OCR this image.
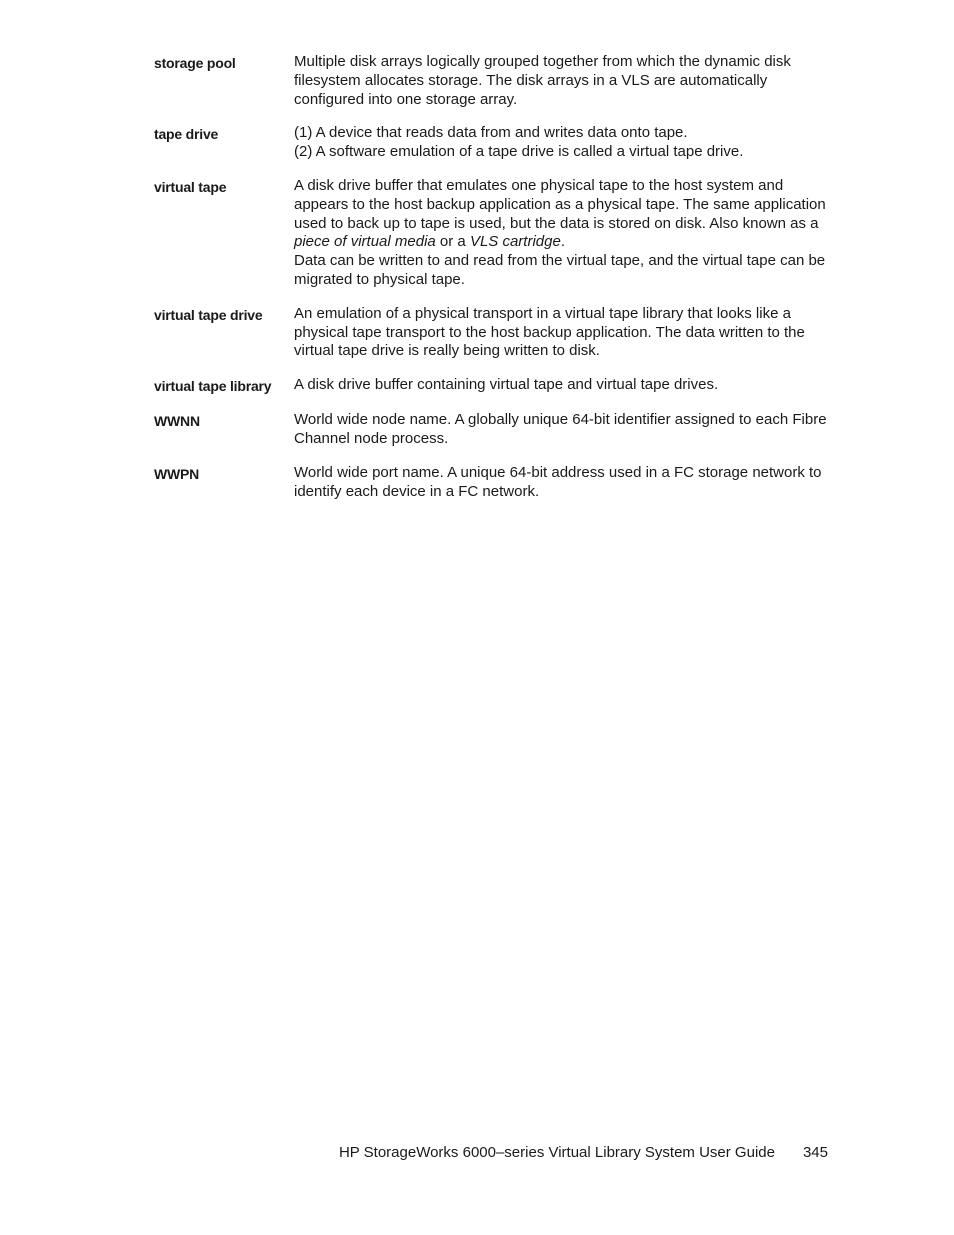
storage pool	Multiple disk arrays logically grouped together from which the dynamic disk filesystem allocates storage. The disk arrays in a VLS are automatically configured into one storage array.

tape drive	(1) A device that reads data from and writes data onto tape.

(2) A software emulation of a tape drive is called a virtual tape drive.

virtual tape	A disk drive buffer that emulates one physical tape to the host system and appears to the host backup application as a physical tape. The same application used to back up to tape is used, but the data is stored on disk. Also known as a piece of virtual media or a VLS cartridge.

Data can be written to and read from the virtual tape, and the virtual tape can be migrated to physical tape.

virtual tape drive	An emulation of a physical transport in a virtual tape library that looks like a physical tape transport to the host backup application. The data written to the virtual tape drive is really being written to disk.

virtual tape library	A disk drive buffer containing virtual tape and virtual tape drives.

WWNN	World wide node name. A globally unique 64-bit identifier assigned to each Fibre Channel node process.

WWPN	World wide port name. A unique 64-bit address used in a FC storage network to identify each device in a FC network.

HP StorageWorks 6000–series Virtual Library System User Guide 345
